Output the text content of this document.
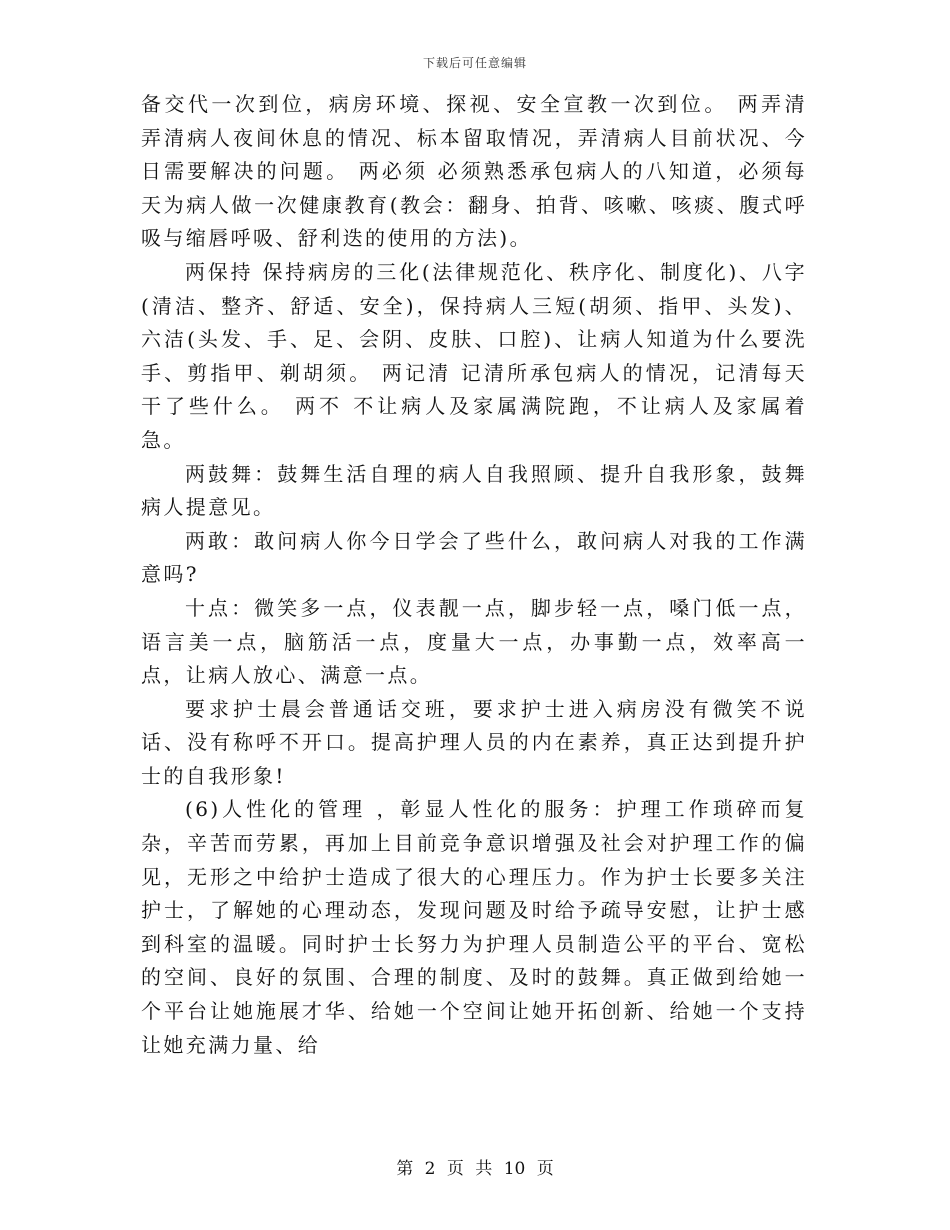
下载后可任意编辑

备交代一次到位，病房环境、探视、安全宣教一次到位。 两弄清 弄清病人夜间休息的情况、标本留取情况，弄清病人目前状况、今日需要解决的问题。 两必须 必须熟悉承包病人的八知道，必须每天为病人做一次健康教育(教会：翻身、拍背、咳嗽、咳痰、腹式呼吸与缩唇呼吸、舒利迭的使用的方法)。

两保持 保持病房的三化(法律规范化、秩序化、制度化)、八字(清洁、整齐、舒适、安全)，保持病人三短(胡须、指甲、头发)、六洁(头发、手、足、会阴、皮肤、口腔)、让病人知道为什么要洗手、剪指甲、剃胡须。 两记清 记清所承包病人的情况，记清每天干了些什么。 两不 不让病人及家属满院跑，不让病人及家属着急。

两鼓舞：鼓舞生活自理的病人自我照顾、提升自我形象，鼓舞病人提意见。

两敢：敢问病人你今日学会了些什么，敢问病人对我的工作满意吗?

十点：微笑多一点，仪表靓一点，脚步轻一点，嗓门低一点，语言美一点，脑筋活一点，度量大一点，办事勤一点，效率高一点，让病人放心、满意一点。

要求护士晨会普通话交班，要求护士进入病房没有微笑不说话、没有称呼不开口。提高护理人员的内在素养，真正达到提升护士的自我形象!

(6)人性化的管理 ，彰显人性化的服务：护理工作琐碎而复杂，辛苦而劳累，再加上目前竞争意识增强及社会对护理工作的偏见，无形之中给护士造成了很大的心理压力。作为护士长要多关注护士，了解她的心理动态，发现问题及时给予疏导安慰，让护士感到科室的温暖。同时护士长努力为护理人员制造公平的平台、宽松的空间、良好的氛围、合理的制度、及时的鼓舞。真正做到给她一个平台让她施展才华、给她一个空间让她开拓创新、给她一个支持让她充满力量、给

第 2 页 共 10 页
